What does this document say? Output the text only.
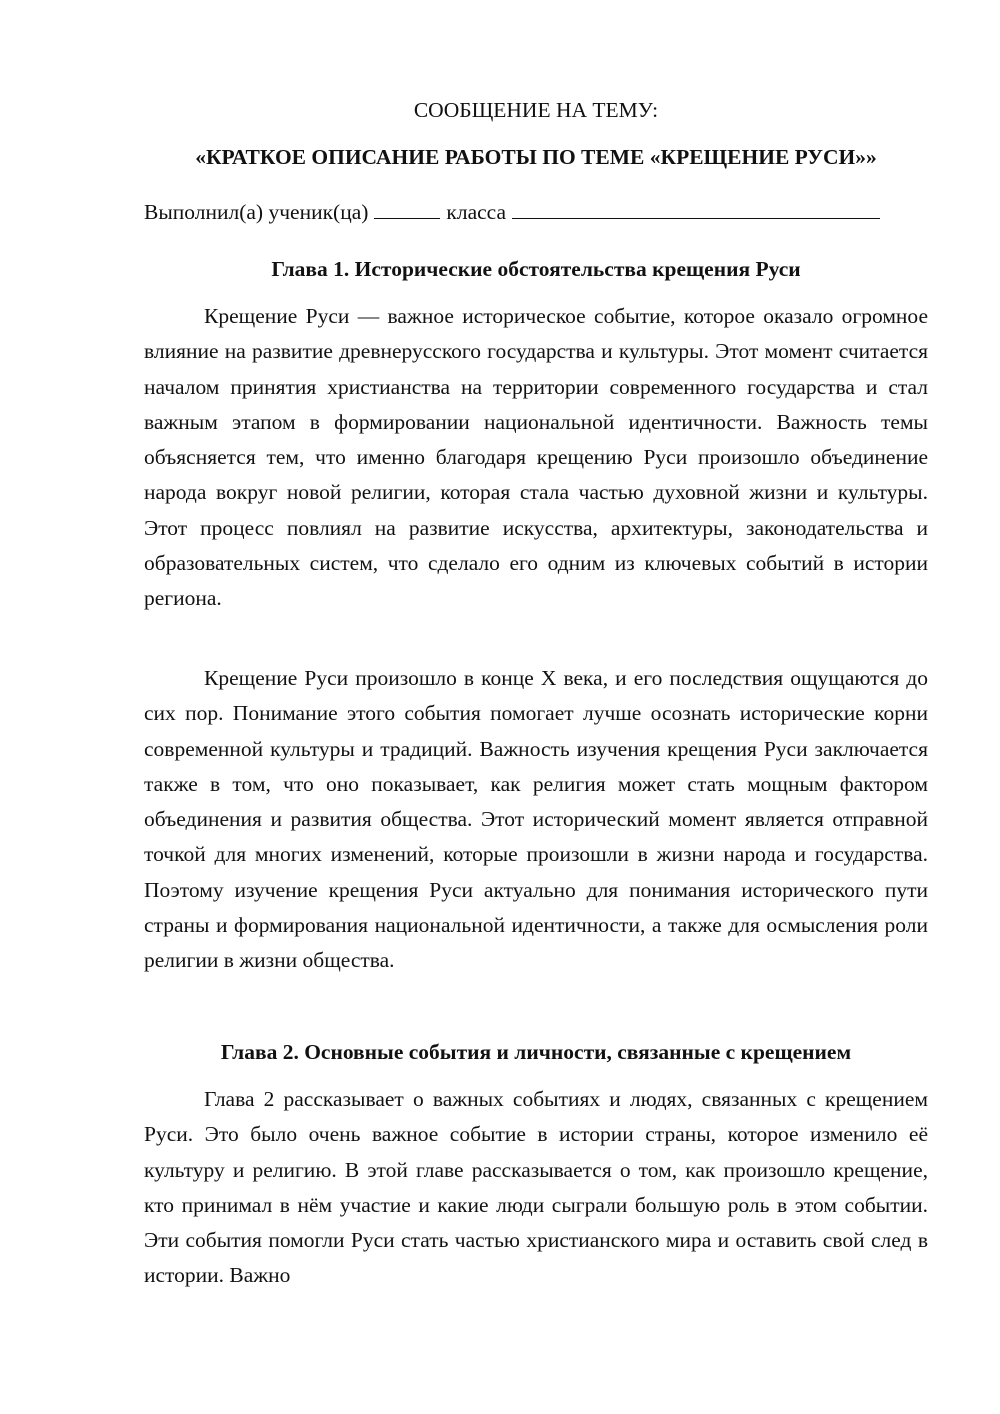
СООБЩЕНИЕ НА ТЕМУ:
«КРАТКОЕ ОПИСАНИЕ РАБОТЫ ПО ТЕМЕ «КРЕЩЕНИЕ РУСИ»»
Выполнил(а) ученик(ца)	класса
Глава 1. Исторические обстоятельства крещения Руси

Крещение Руси — важное историческое событие, которое оказало огромное влияние на развитие древнерусского государства и культуры. Этот момент считается началом принятия христианства на территории современного государства и стал важным этапом в формировании национальной идентичности. Важность темы объясняется тем, что именно благодаря крещению Руси произошло объединение народа вокруг новой религии, которая стала частью духовной жизни и культуры. Этот процесс повлиял на развитие искусства, архитектуры, законодательства и образовательных систем, что сделало его одним из ключевых событий в истории региона.

Крещение Руси произошло в конце X века, и его последствия ощущаются до сих пор. Понимание этого события помогает лучше осознать исторические корни современной культуры и традиций. Важность изучения крещения Руси заключается также в том, что оно показывает, как религия может стать мощным фактором объединения и развития общества. Этот исторический момент является отправной точкой для многих изменений, которые произошли в жизни народа и государства. Поэтому изучение крещения Руси актуально для понимания исторического пути страны и формирования национальной идентичности, а также для осмысления роли религии в жизни общества.

Глава 2. Основные события и личности, связанные с крещением

Глава 2 рассказывает о важных событиях и людях, связанных с крещением Руси. Это было очень важное событие в истории страны, которое изменило её культуру и религию. В этой главе рассказывается о том, как произошло крещение, кто принимал в нём участие и какие люди сыграли большую роль в этом событии. Эти события помогли Руси стать частью христианского мира и оставить свой след в истории. Важно
